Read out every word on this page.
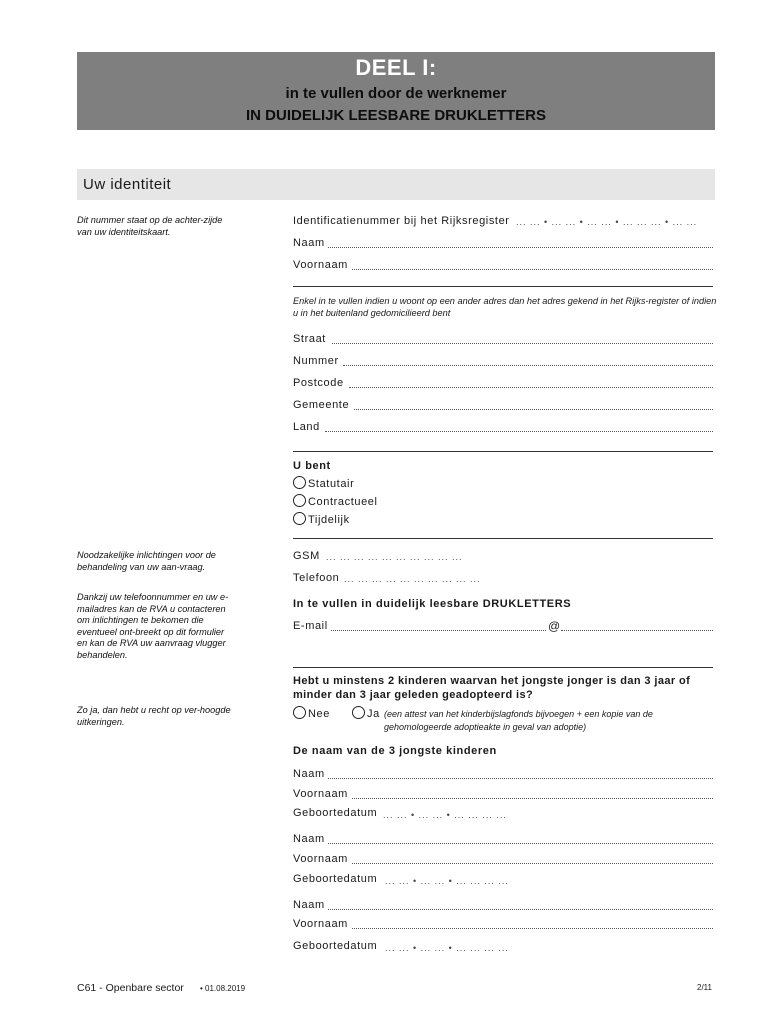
DEEL I:
in te vullen door de werknemer
IN DUIDELIJK LEESBARE DRUKLETTERS
Uw identiteit
Dit nummer staat op de achter-zijde van uw identiteitskaart.
Noodzakelijke inlichtingen voor de behandeling van uw aan-vraag.
Dankzij uw telefoonnummer en uw e-mailadres kan de RVA u contacteren om inlichtingen te bekomen die eventueel ont-breekt op dit formulier en kan de RVA uw aanvraag vlugger behandelen.
Zo ja, dan hebt u recht op ver-hoogde uitkeringen.
Identificatienummer bij het Rijksregister ... ... • ... ... • ... ... • ... ... ... • ... ...
Naam
Voornaam
Enkel in te vullen indien u woont op een ander adres dan het adres gekend in het Rijks-register of indien u in het buitenland gedomicilieerd bent
Straat
Nummer
Postcode
Gemeente
Land
U bent
Statutair
Contractueel
Tijdelijk
GSM ... ... ... ... ... ... ... ... ... ...
Telefoon ... ... ... ... ... ... ... ... ... ...
In te vullen in duidelijk leesbare DRUKLETTERS
E-mail	@
Hebt u minstens 2 kinderen waarvan het jongste jonger is dan 3 jaar of minder dan 3 jaar geleden geadopteerd is?
Nee	Ja (een attest van het kinderbijslagfonds bijvoegen + een kopie van de gehomologeerde adoptieakte in geval van adoptie)
De naam van de 3 jongste kinderen
Naam
Voornaam
Geboortedatum ... ... • ... ... • ... ... ... ...
Naam
Voornaam
Geboortedatum ... ... • ... ... • ... ... ... ...
Naam
Voornaam
Geboortedatum ... ... • ... ... • ... ... ... ...
C61 - Openbare sector • 01.08.2019	2/11
